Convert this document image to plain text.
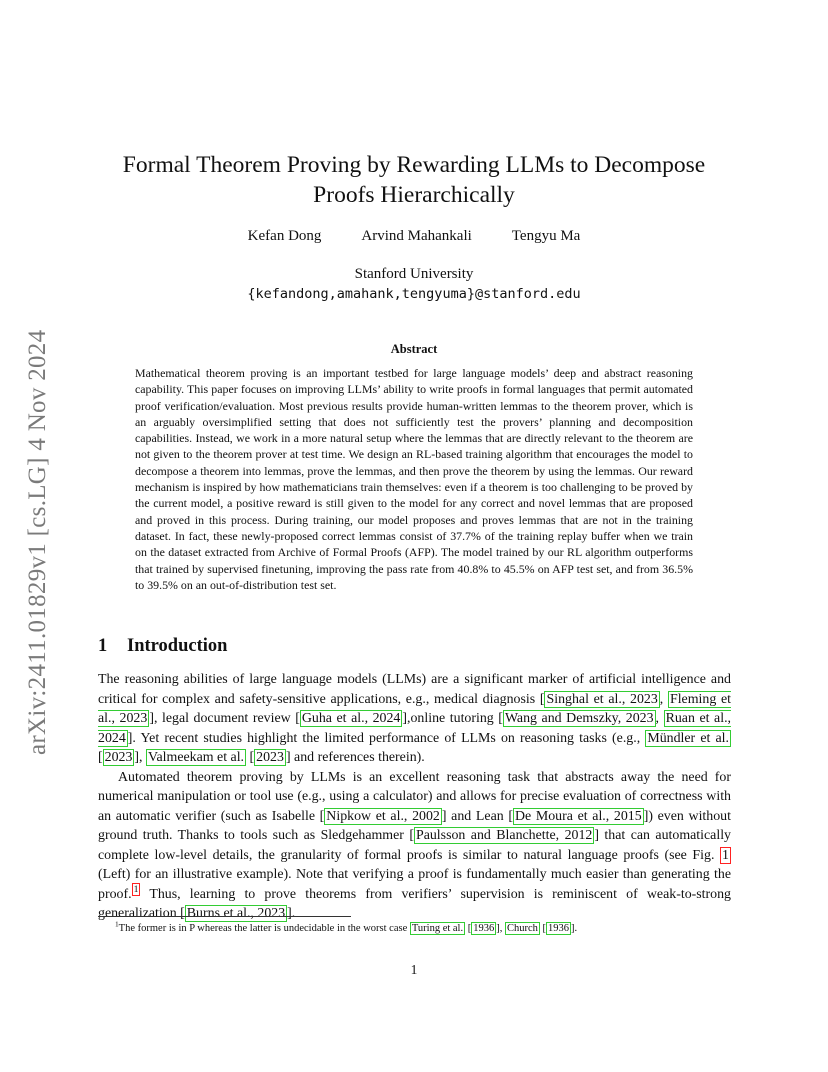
arXiv:2411.01829v1 [cs.LG] 4 Nov 2024
Formal Theorem Proving by Rewarding LLMs to Decompose Proofs Hierarchically
Kefan Dong	Arvind Mahankali	Tengyu Ma
Stanford University
{kefandong,amahank,tengyuma}@stanford.edu
Abstract

Mathematical theorem proving is an important testbed for large language models’ deep and abstract reasoning capability. This paper focuses on improving LLMs’ ability to write proofs in formal languages that permit automated proof verification/evaluation. Most previous results provide human-written lemmas to the theorem prover, which is an arguably oversimplified setting that does not sufficiently test the provers’ planning and decomposition capabilities. Instead, we work in a more natural setup where the lemmas that are directly relevant to the theorem are not given to the theorem prover at test time. We design an RL-based training algorithm that encourages the model to decompose a theorem into lemmas, prove the lemmas, and then prove the theorem by using the lemmas. Our reward mechanism is inspired by how mathematicians train themselves: even if a theorem is too challenging to be proved by the current model, a positive reward is still given to the model for any correct and novel lemmas that are proposed and proved in this process. During training, our model proposes and proves lemmas that are not in the training dataset. In fact, these newly-proposed correct lemmas consist of 37.7% of the training replay buffer when we train on the dataset extracted from Archive of Formal Proofs (AFP). The model trained by our RL algorithm outperforms that trained by supervised finetuning, improving the pass rate from 40.8% to 45.5% on AFP test set, and from 36.5% to 39.5% on an out-of-distribution test set.

1 Introduction

The reasoning abilities of large language models (LLMs) are a significant marker of artificial intelligence and critical for complex and safety-sensitive applications, e.g., medical diagnosis [ Singhal et al., 2023 , Fleming et al., 2023 ], legal document review [ Guha et al., 2024 ],online tutoring [ Wang and Demszky, 2023 , Ruan et al., 2024 ]. Yet recent studies highlight the limited performance of LLMs on reasoning tasks (e.g., Mündler et al. [ 2023 ], Valmeekam et al. [ 2023 ] and references therein).

Automated theorem proving by LLMs is an excellent reasoning task that abstracts away the need for numerical manipulation or tool use (e.g., using a calculator) and allows for precise evaluation of correctness with an automatic verifier (such as Isabelle [ Nipkow et al., 2002 ] and Lean [ De Moura et al., 2015 ]) even without ground truth. Thanks to tools such as Sledgehammer [ Paulsson and Blanchette, 2012 ] that can automatically complete low-level details, the granularity of formal proofs is similar to natural language proofs (see Fig. 1 (Left) for an illustrative example). Note that verifying a proof is fundamentally much easier than generating the proof. $^1$ Thus, learning to prove theorems from verifiers’ supervision is reminiscent of weak-to-strong generalization [ Burns et al., 2023 ].

$^1$The former is in P whereas the latter is undecidable in the worst case Turing et al. [ 1936 ], Church [ 1936 ].
1
